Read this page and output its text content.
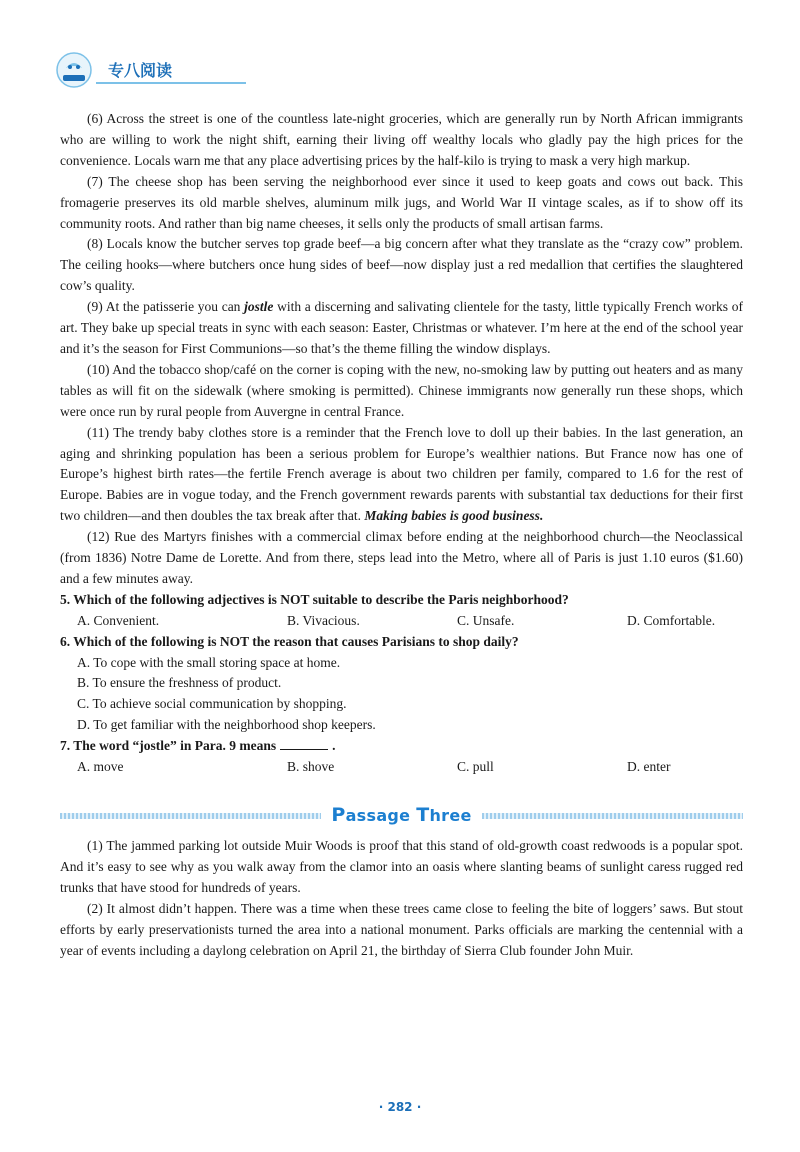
专八阅读

(6) Across the street is one of the countless late-night groceries, which are generally run by North African immigrants who are willing to work the night shift, earning their living off wealthy locals who gladly pay the high prices for the convenience. Locals warn me that any place advertising prices by the half-kilo is trying to mask a very high markup.

(7) The cheese shop has been serving the neighborhood ever since it used to keep goats and cows out back. This fromagerie preserves its old marble shelves, aluminum milk jugs, and World War II vintage scales, as if to show off its community roots. And rather than big name cheeses, it sells only the products of small artisan farms.

(8) Locals know the butcher serves top grade beef—a big concern after what they translate as the “crazy cow” problem. The ceiling hooks—where butchers once hung sides of beef—now display just a red medallion that certifies the slaughtered cow’s quality.

(9) At the patisserie you can jostle with a discerning and salivating clientele for the tasty, little typically French works of art. They bake up special treats in sync with each season: Easter, Christmas or whatever. I’m here at the end of the school year and it’s the season for First Communions—so that’s the theme filling the window displays.

(10) And the tobacco shop/café on the corner is coping with the new, no-smoking law by putting out heaters and as many tables as will fit on the sidewalk (where smoking is permitted). Chinese immigrants now generally run these shops, which were once run by rural people from Auvergne in central France.

(11) The trendy baby clothes store is a reminder that the French love to doll up their babies. In the last generation, an aging and shrinking population has been a serious problem for Europe’s wealthier nations. But France now has one of Europe’s highest birth rates—the fertile French average is about two children per family, compared to 1.6 for the rest of Europe. Babies are in vogue today, and the French government rewards parents with substantial tax deductions for their first two children—and then doubles the tax break after that. Making babies is good business.

(12) Rue des Martyrs finishes with a commercial climax before ending at the neighborhood church—the Neoclassical (from 1836) Notre Dame de Lorette. And from there, steps lead into the Metro, where all of Paris is just 1.10 euros ($1.60) and a few minutes away.

5. Which of the following adjectives is NOT suitable to describe the Paris neighborhood?

A. Convenient.	B. Vivacious.	C. Unsafe.	D. Comfortable.

6. Which of the following is NOT the reason that causes Parisians to shop daily?

A. To cope with the small storing space at home.

B. To ensure the freshness of product.

C. To achieve social communication by shopping.

D. To get familiar with the neighborhood shop keepers.

7. The word “jostle” in Para. 9 means	.

A. move	B. shove	C. pull	D. enter
Passage Three

(1) The jammed parking lot outside Muir Woods is proof that this stand of old-growth coast redwoods is a popular spot. And it’s easy to see why as you walk away from the clamor into an oasis where slanting beams of sunlight caress rugged red trunks that have stood for hundreds of years.

(2) It almost didn’t happen. There was a time when these trees came close to feeling the bite of loggers’ saws. But stout efforts by early preservationists turned the area into a national monument. Parks officials are marking the centennial with a year of events including a daylong celebration on April 21, the birthday of Sierra Club founder John Muir.

· 282 ·
